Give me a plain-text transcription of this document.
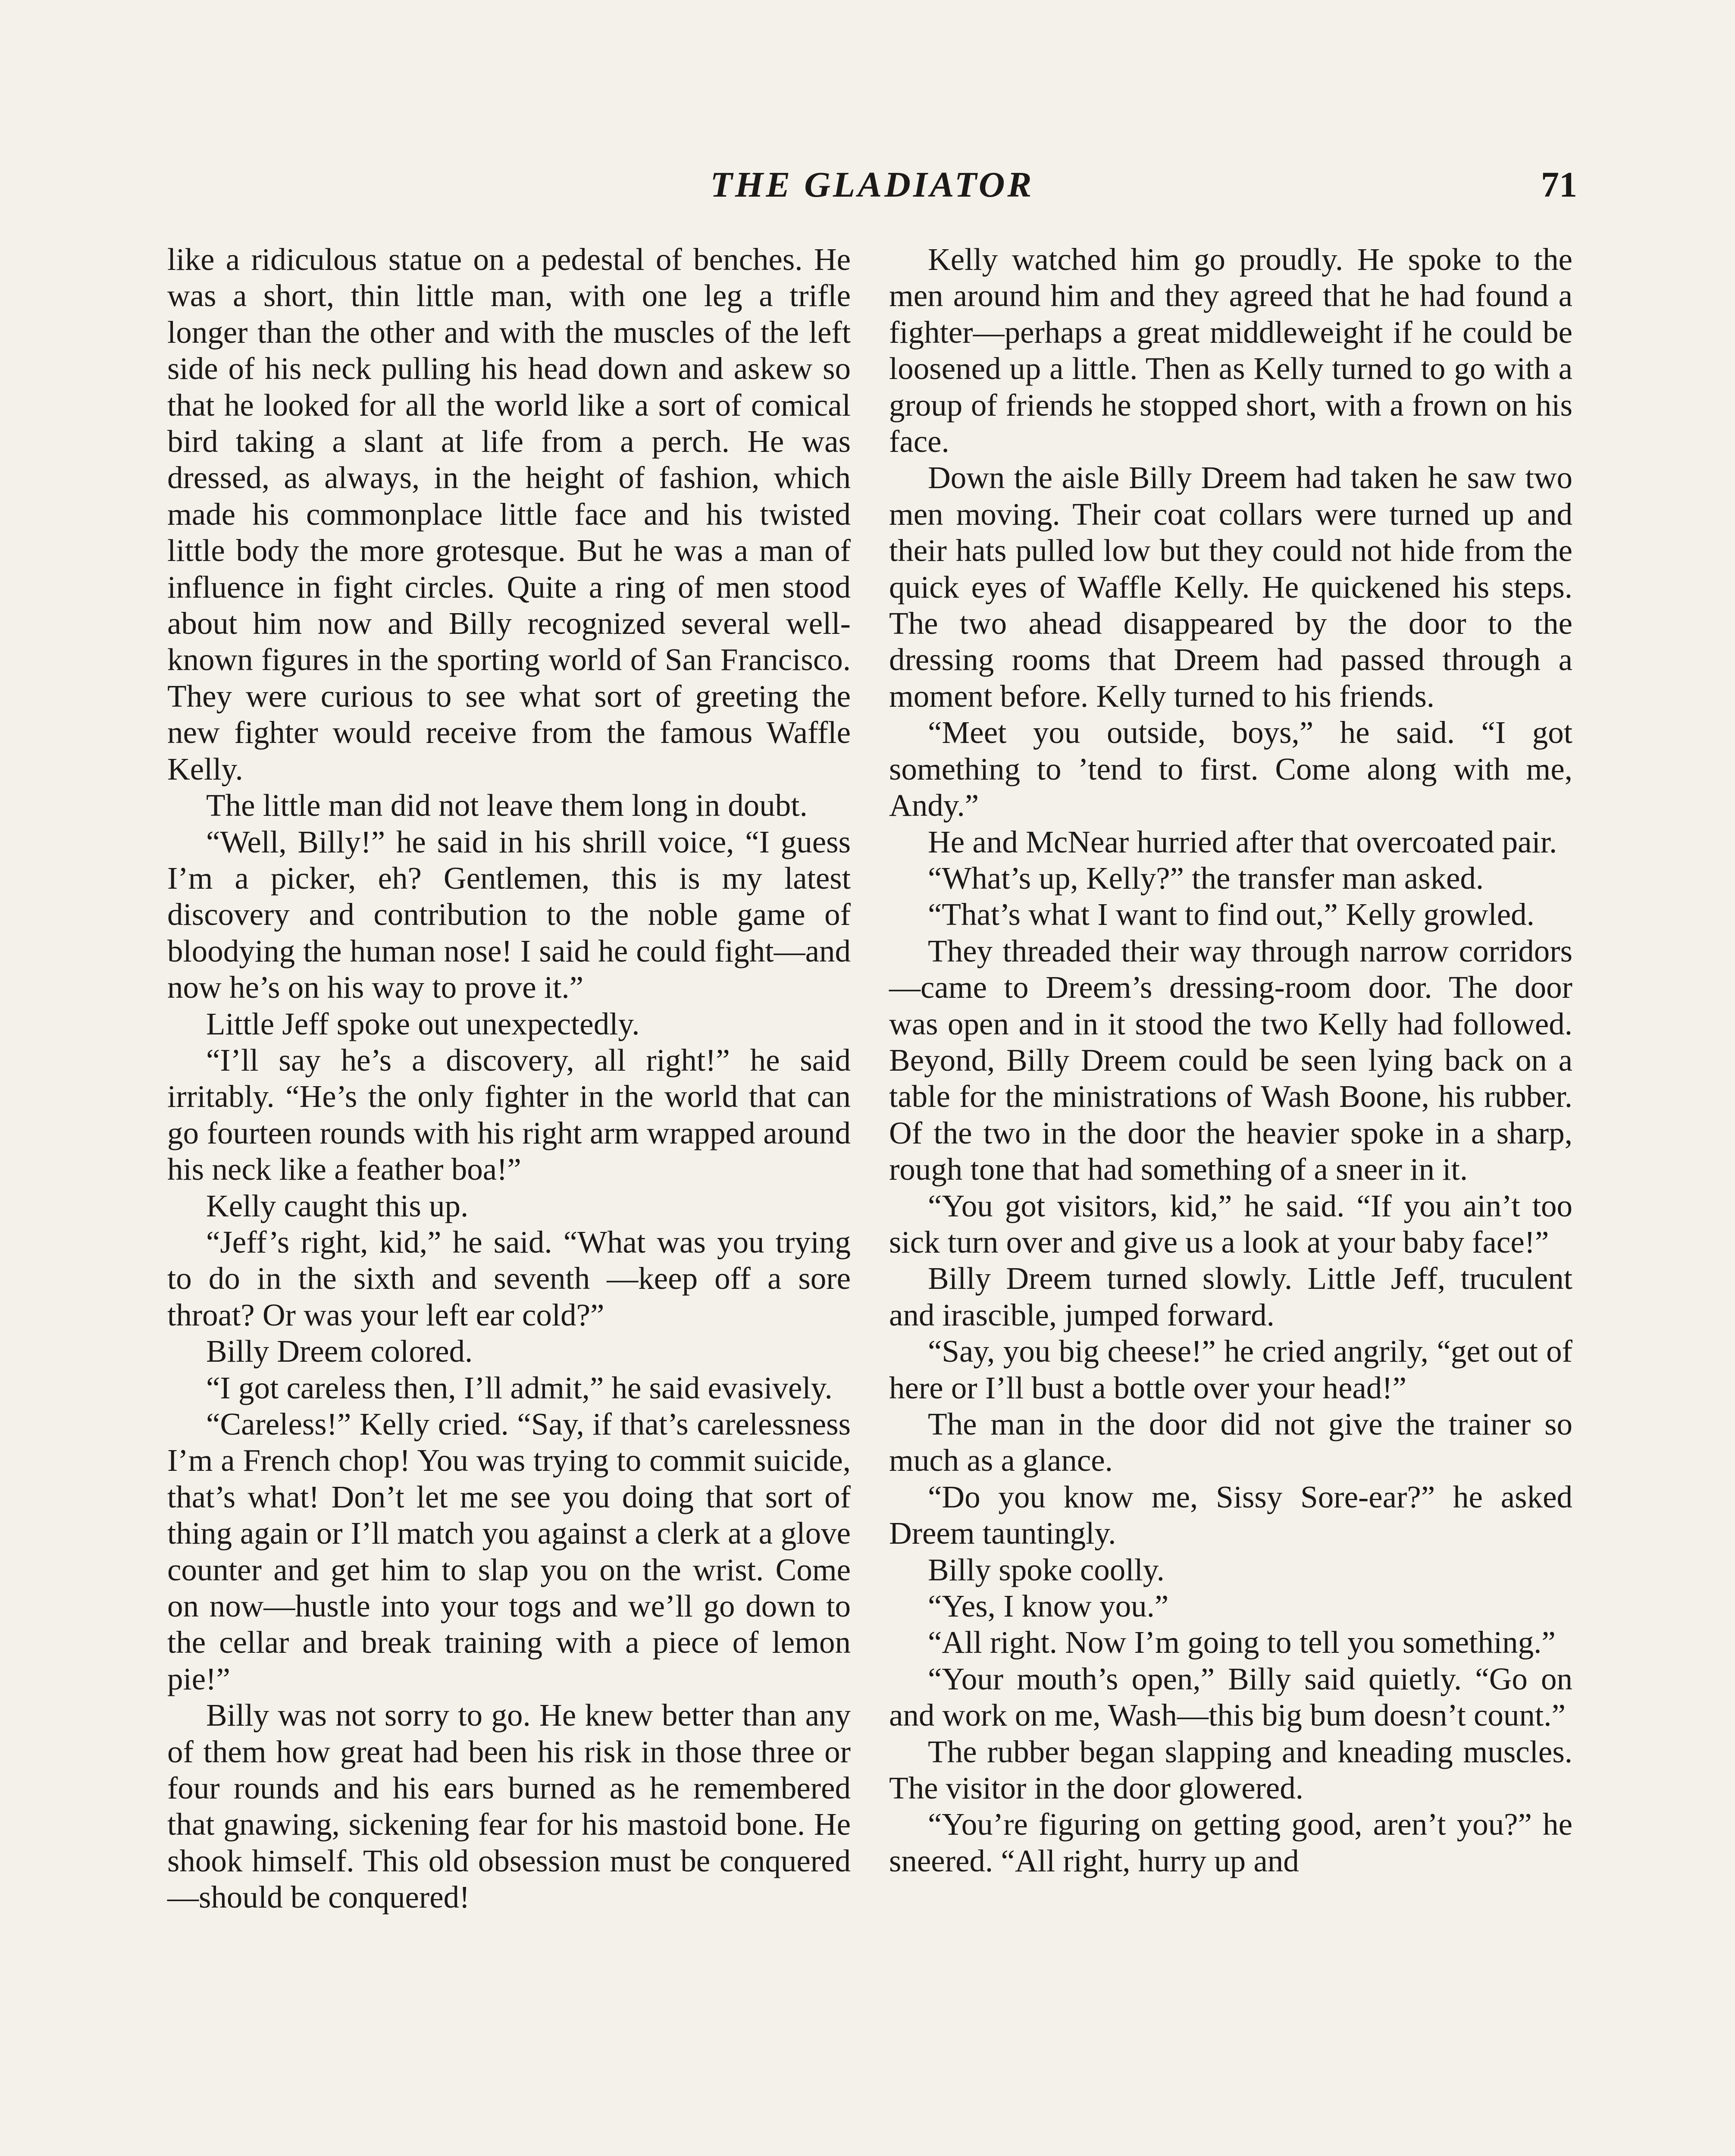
THE GLADIATOR	71

like a ridiculous statue on a pedestal of benches. He was a short, thin little man, with one leg a trifle longer than the other and with the muscles of the left side of his neck pulling his head down and askew so that he looked for all the world like a sort of comical bird taking a slant at life from a perch. He was dressed, as always, in the height of fashion, which made his commonplace little face and his twisted little body the more grotesque. But he was a man of influence in fight circles. Quite a ring of men stood about him now and Billy recognized several well-known figures in the sporting world of San Francisco. They were curious to see what sort of greeting the new fighter would receive from the famous Waffle Kelly.

The little man did not leave them long in doubt.

“Well, Billy!” he said in his shrill voice, “I guess I’m a picker, eh? Gentlemen, this is my latest discovery and contribution to the noble game of bloodying the human nose! I said he could fight—and now he’s on his way to prove it.”

Little Jeff spoke out unexpectedly.

“I’ll say he’s a discovery, all right!” he said irritably. “He’s the only fighter in the world that can go fourteen rounds with his right arm wrapped around his neck like a feather boa!”

Kelly caught this up.

“Jeff’s right, kid,” he said. “What was you trying to do in the sixth and seventh —keep off a sore throat? Or was your left ear cold?”

Billy Dreem colored.

“I got careless then, I’ll admit,” he said evasively.

“Careless!” Kelly cried. “Say, if that’s carelessness I’m a French chop! You was trying to commit suicide, that’s what! Don’t let me see you doing that sort of thing again or I’ll match you against a clerk at a glove counter and get him to slap you on the wrist. Come on now—hustle into your togs and we’ll go down to the cellar and break training with a piece of lemon pie!”

Billy was not sorry to go. He knew better than any of them how great had been his risk in those three or four rounds and his ears burned as he remembered that gnawing, sickening fear for his mastoid bone. He shook himself. This old obsession must be conquered—should be conquered!

Kelly watched him go proudly. He spoke to the men around him and they agreed that he had found a fighter—perhaps a great middleweight if he could be loosened up a little. Then as Kelly turned to go with a group of friends he stopped short, with a frown on his face.

Down the aisle Billy Dreem had taken he saw two men moving. Their coat collars were turned up and their hats pulled low but they could not hide from the quick eyes of Waffle Kelly. He quickened his steps. The two ahead disappeared by the door to the dressing rooms that Dreem had passed through a moment before. Kelly turned to his friends.

“Meet you outside, boys,” he said. “I got something to ’tend to first. Come along with me, Andy.”

He and McNear hurried after that overcoated pair.

“What’s up, Kelly?” the transfer man asked.

“That’s what I want to find out,” Kelly growled.

They threaded their way through narrow corridors—came to Dreem’s dressing-room door. The door was open and in it stood the two Kelly had followed. Beyond, Billy Dreem could be seen lying back on a table for the ministrations of Wash Boone, his rubber. Of the two in the door the heavier spoke in a sharp, rough tone that had something of a sneer in it.

“You got visitors, kid,” he said. “If you ain’t too sick turn over and give us a look at your baby face!”

Billy Dreem turned slowly. Little Jeff, truculent and irascible, jumped forward.

“Say, you big cheese!” he cried angrily, “get out of here or I’ll bust a bottle over your head!”

The man in the door did not give the trainer so much as a glance.

“Do you know me, Sissy Sore-ear?” he asked Dreem tauntingly.

Billy spoke coolly.

“Yes, I know you.”

“All right. Now I’m going to tell you something.”

“Your mouth’s open,” Billy said quietly. “Go on and work on me, Wash—this big bum doesn’t count.”

The rubber began slapping and kneading muscles. The visitor in the door glowered.

“You’re figuring on getting good, aren’t you?” he sneered. “All right, hurry up and
